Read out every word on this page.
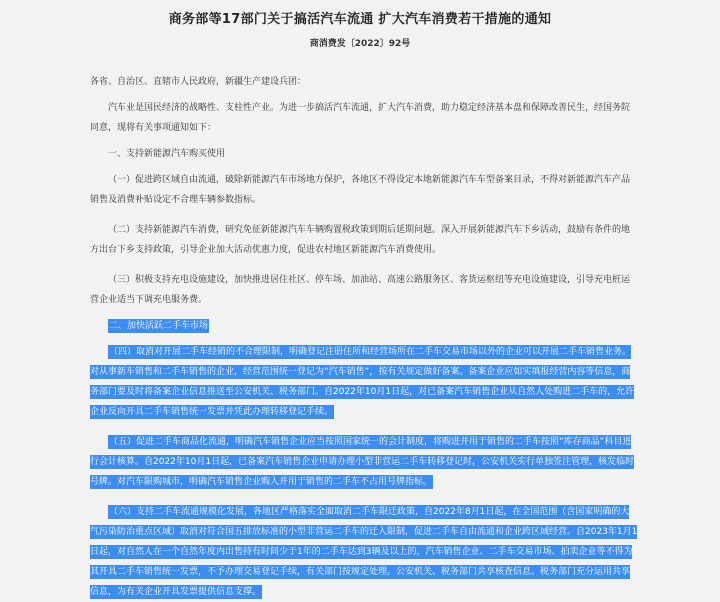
商务部等17部门关于搞活汽车流通 扩大汽车消费若干措施的通知
商消费发〔2022〕92号

各省、自治区、直辖市人民政府，新疆生产建设兵团：

汽车业是国民经济的战略性、支柱性产业。为进一步搞活汽车流通，扩大汽车消费，助力稳定经济基本盘和保障改善民生，经国务院同意，现将有关事项通知如下：

一、支持新能源汽车购买使用

（一）促进跨区域自由流通，破除新能源汽车市场地方保护，各地区不得设定本地新能源汽车车型备案目录，不得对新能源汽车产品销售及消费补贴设定不合理车辆参数指标。

（二）支持新能源汽车消费，研究免征新能源汽车车辆购置税政策到期后延期问题。深入开展新能源汽车下乡活动，鼓励有条件的地方出台下乡支持政策，引导企业加大活动优惠力度，促进农村地区新能源汽车消费使用。

（三）积极支持充电设施建设，加快推进居住社区、停车场、加油站、高速公路服务区、客货运枢纽等充电设施建设，引导充电桩运营企业适当下调充电服务费。

二、加快活跃二手车市场

（四）取消对开展二手车经销的不合理限制，明确登记注册住所和经营场所在二手车交易市场以外的企业可以开展二手车销售业务。对从事新车销售和二手车销售的企业，经营范围统一登记为“汽车销售”，按有关规定做好备案。备案企业应如实填报经营内容等信息，商务部门要及时将备案企业信息推送至公安机关、税务部门。自2022年10月1日起，对已备案汽车销售企业从自然人处购进二手车的，允许企业反向开具二手车销售统一发票并凭此办理转移登记手续。

（五）促进二手车商品化流通，明确汽车销售企业应当按照国家统一的会计制度，将购进并用于销售的二手车按照“库存商品”科目进行会计核算。自2022年10月1日起，已备案汽车销售企业申请办理小型非营运二手车转移登记时，公安机关实行单独签注管理，核发临时号牌。对汽车限购城市，明确汽车销售企业购入并用于销售的二手车不占用号牌指标。

（六）支持二手车流通规模化发展，各地区严格落实全面取消二手车限迁政策，自2022年8月1日起，在全国范围（含国家明确的大气污染防治重点区域）取消对符合国五排放标准的小型非营运二手车的迁入限制，促进二手车自由流通和企业跨区域经营。自2023年1月1日起，对自然人在一个自然年度内出售持有时间少于1年的二手车达到3辆及以上的，汽车销售企业、二手车交易市场、拍卖企业等不得为其开具二手车销售统一发票，不予办理交易登记手续，有关部门按规定处理。公安机关、税务部门共享核查信息。税务部门充分运用共享信息，为有关企业开具发票提供信息支撑。
